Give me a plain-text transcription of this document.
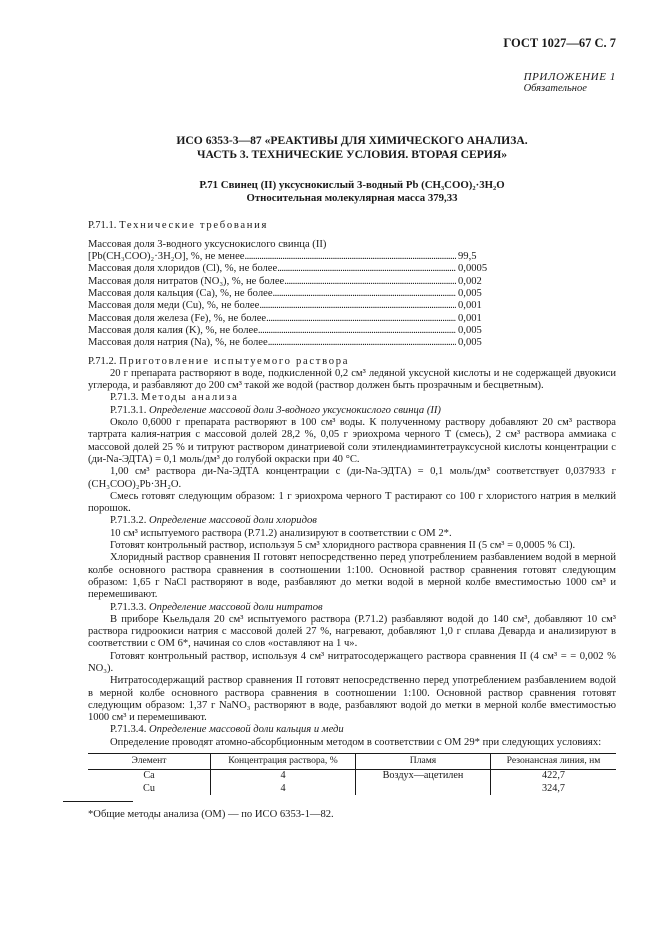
ГОСТ 1027—67 С. 7
ПРИЛОЖЕНИЕ 1
Обязательное
ИСО 6353-3—87 «РЕАКТИВЫ ДЛЯ ХИМИЧЕСКОГО АНАЛИЗА.
ЧАСТЬ 3. ТЕХНИЧЕСКИЕ УСЛОВИЯ. ВТОРАЯ СЕРИЯ»
Р.71 Свинец (II) уксуснокислый 3-водный Pb (CH₃COO)₂·3H₂O
Относительная молекулярная масса 379,33

Р.71.1. Технические требования

Массовая доля 3-водного уксуснокислого свинца (II)

[Pb(CH₃COO)₂·3H₂O], %, не менее . . .	99,5
Массовая доля хлоридов (Cl), %, не более . . .	0,0005
Массовая доля нитратов (NO₃), %, не более . . .	0,002
Массовая доля кальция (Ca), %, не более . . .	0,005
Массовая доля меди (Cu), %, не более . . .	0,001
Массовая доля железа (Fe), %, не более . . .	0,001
Массовая доля калия (K), %, не более . . .	0,005
Массовая доля натрия (Na), %, не более . . .	0,005

Р.71.2. Приготовление испытуемого раствора

20 г препарата растворяют в воде, подкисленной 0,2 см³ ледяной уксусной кислоты и не содержащей двуокиси углерода, и разбавляют до 200 см³ такой же водой (раствор должен быть прозрачным и бесцветным).

Р.71.3. Методы анализа

Р.71.3.1. Определение массовой доли 3-водного уксуснокислого свинца (II)

Около 0,6000 г препарата растворяют в 100 см³ воды. К полученному раствору добавляют 20 см³ раствора тартрата калия-натрия с массовой долей 28,2 %, 0,05 г эриохрома черного Т (смесь), 2 см³ раствора аммиака с массовой долей 25 % и титруют раствором динатриевой соли этилендиаминтетрауксусной кислоты концентрации с (ди-Na-ЭДТА) = 0,1 моль/дм³ до голубой окраски при 40 °С.

1,00 см³ раствора ди-Na-ЭДТА концентрации с (ди-Na-ЭДТА) = 0,1 моль/дм³ соответствует 0,037933 г (CH₃COO)₂Pb·3H₂O.

Смесь готовят следующим образом: 1 г эриохрома черного Т растирают со 100 г хлористого натрия в мелкий порошок.

Р.71.3.2. Определение массовой доли хлоридов

10 см³ испытуемого раствора (Р.71.2) анализируют в соответствии с ОМ 2*.

Готовят контрольный раствор, используя 5 см³ хлоридного раствора сравнения II (5 см³ = 0,0005 % Cl).

Хлоридный раствор сравнения II готовят непосредственно перед употреблением разбавлением водой в мерной колбе основного раствора сравнения в соотношении 1:100. Основной раствор сравнения готовят следующим образом: 1,65 г NaCl растворяют в воде, разбавляют до метки водой в мерной колбе вместимостью 1000 см³ и перемешивают.

Р.71.3.3. Определение массовой доли нитратов

В приборе Кьельдаля 20 см³ испытуемого раствора (Р.71.2) разбавляют водой до 140 см³, добавляют 10 см³ раствора гидроокиси натрия с массовой долей 27 %, нагревают, добавляют 1,0 г сплава Деварда и анализируют в соответствии с ОМ 6*, начиная со слов «оставляют на 1 ч».

Готовят контрольный раствор, используя 4 см³ нитратосодержащего раствора сравнения II (4 см³ = = 0,002 % NO₃).

Нитратосодержащий раствор сравнения II готовят непосредственно перед употреблением разбавлением водой в мерной колбе основного раствора сравнения в соотношении 1:100. Основной раствор сравнения готовят следующим образом: 1,37 г NaNO₃ растворяют в воде, разбавляют водой до метки в мерной колбе вместимостью 1000 см³ и перемешивают.

Р.71.3.4. Определение массовой доли кальция и меди

Определение проводят атомно-абсорбционным методом в соответствии с ОМ 29* при следующих условиях:

Элемент	Концентрация раствора, %	Пламя	Резонансная линия, нм
Ca	4	Воздух—ацетилен	422,7
Cu	4		324,7
*Общие методы анализа (ОМ) — по ИСО 6353-1—82.
